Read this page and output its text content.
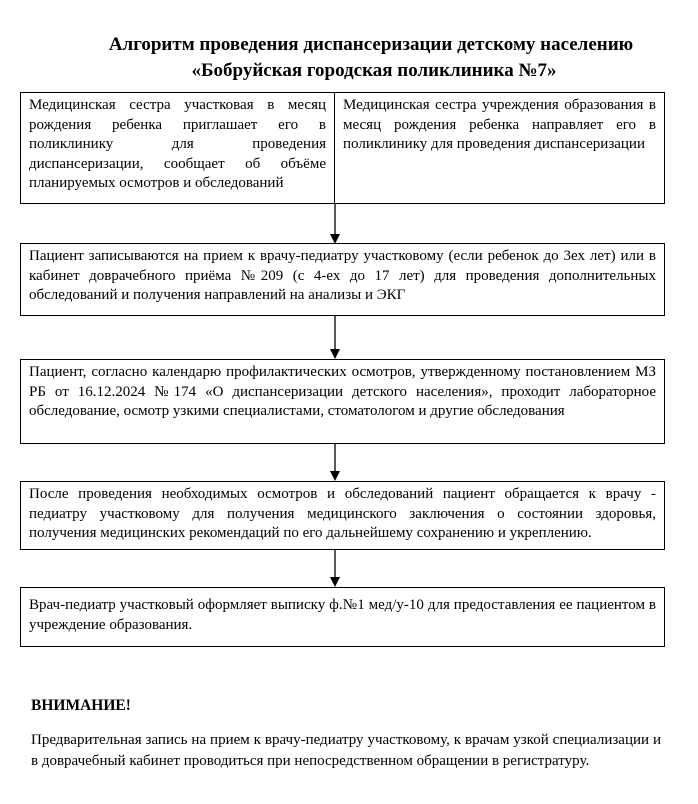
Алгоритм проведения диспансеризации детскому населению
«Бобруйская городская поликлиника №7»
Медицинская сестра участковая в месяц рождения ребенка приглашает его в поликлинику для проведения диспансеризации, сообщает об объёме планируемых осмотров и обследований
Медицинская сестра учреждения образования в месяц рождения ребенка направляет его в поликлинику для проведения диспансеризации
Пациент записываются на прием к врачу-педиатру участковому (если ребенок до 3ех лет) или в кабинет доврачебного приёма №209 (с 4-ех до 17 лет) для проведения дополнительных обследований и получения направлений на анализы и ЭКГ
Пациент, согласно календарю профилактических осмотров, утвержденному постановлением МЗ РБ от 16.12.2024 №174 «О диспансеризации детского населения», проходит лабораторное обследование, осмотр узкими специалистами, стоматологом и другие обследования
После проведения необходимых осмотров и обследований пациент обращается к врачу - педиатру участковому для получения медицинского заключения о состоянии здоровья, получения медицинских рекомендаций по его дальнейшему сохранению и укреплению.
Врач-педиатр участковый оформляет выписку ф.№1 мед/у-10 для предоставления ее пациентом в учреждение образования.
ВНИМАНИЕ!
Предварительная запись на прием к врачу-педиатру участковому, к врачам узкой специализации и в доврачебный кабинет проводиться при непосредственном обращении в регистратуру.
